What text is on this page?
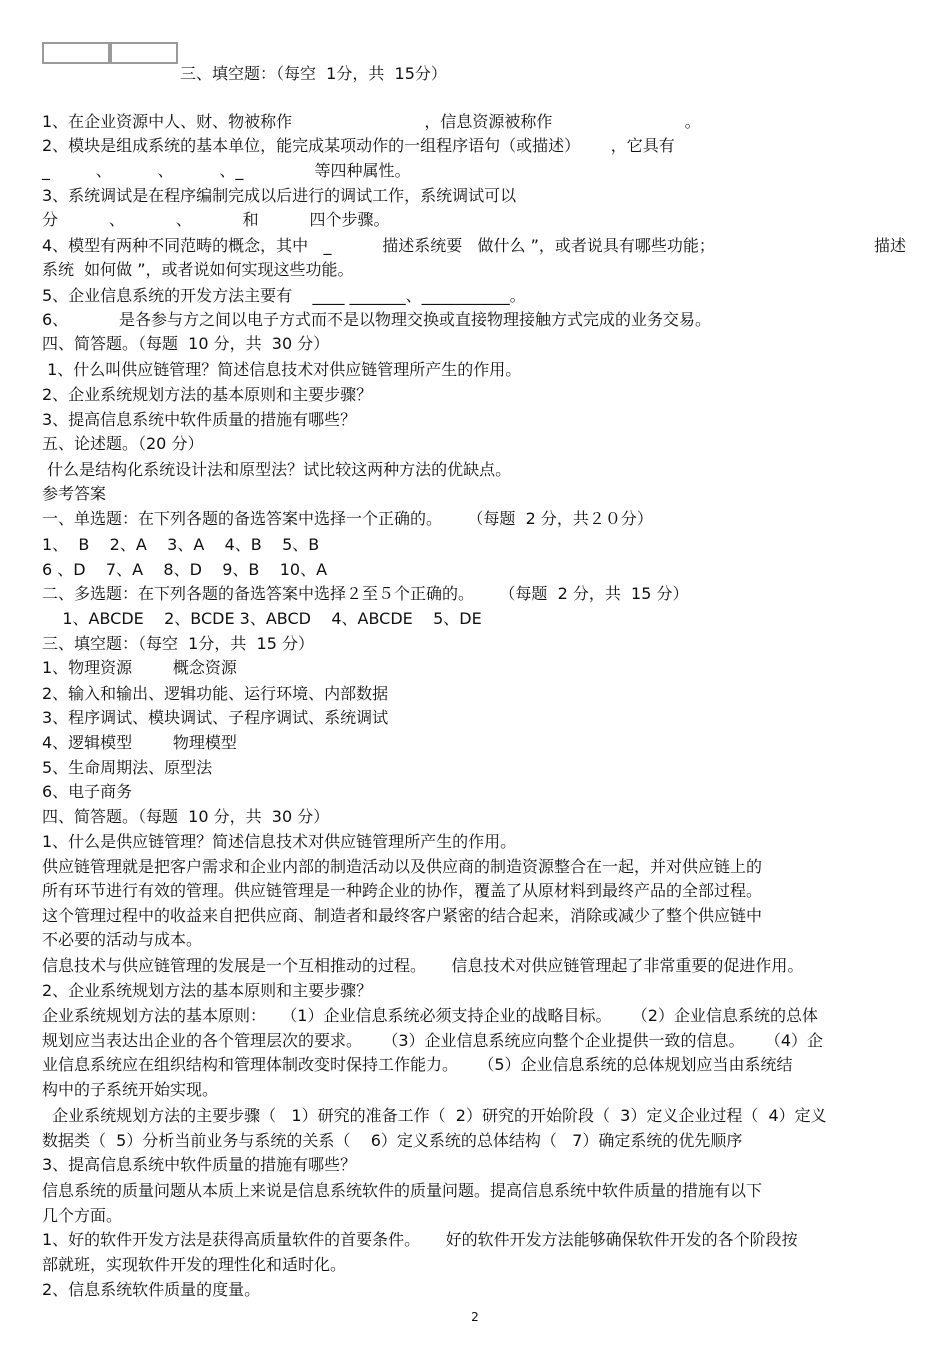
三、填空题：（每空  1分，共  15分）
1、在企业资源中人、财、物被称作                          ，信息资源被称作                          。
2、模块是组成系统的基本单位，能完成某项动作的一组程序语句（或描述）      ，它具有
_         、         、         、_              等四种属性。
3、系统调试是在程序编制完成以后进行的调试工作，系统调试可以
分          、          、          和          四个步骤。
4、模型有两种不同范畴的概念，其中   _          描述系统要   做什么 ”，或者说具有哪些功能；	描述
系统  如何做 ”，或者说如何实现这些功能。
5、企业信息系统的开发方法主要有    ____ _______、___________。
6、          是各参与方之间以电子方式而不是以物理交换或直接物理接触方式完成的业务交易。
四、简答题。（每题  10 分，共  30 分）
1、什么叫供应链管理？简述信息技术对供应链管理所产生的作用。
2、企业系统规划方法的基本原则和主要步骤？
3、提高信息系统中软件质量的措施有哪些？
五、论述题。（20 分）
什么是结构化系统设计法和原型法？试比较这两种方法的优缺点。
参考答案
一、单选题：在下列各题的备选答案中选择一个正确的。     （每题  2 分，共２０分）
1、  B    2、A    3、A    4、B    5、B
6 、D    7、A    8、D    9、B    10、A
二、多选题：在下列各题的备选答案中选择２至５个正确的。     （每题  2 分，共  15 分）
1、ABCDE    2、BCDE 3、ABCD    4、ABCDE    5、DE
三、填空题：（每空  1分，共  15 分）
1、物理资源        概念资源
2、输入和输出、逻辑功能、运行环境、内部数据
3、程序调试、模块调试、子程序调试、系统调试
4、逻辑模型        物理模型
5、生命周期法、原型法
6、电子商务
四、简答题。（每题  10 分，共  30 分）
1、什么是供应链管理？简述信息技术对供应链管理所产生的作用。
供应链管理就是把客户需求和企业内部的制造活动以及供应商的制造资源整合在一起，并对供应链上的
所有环节进行有效的管理。供应链管理是一种跨企业的协作，覆盖了从原材料到最终产品的全部过程。
这个管理过程中的收益来自把供应商、制造者和最终客户紧密的结合起来，消除或减少了整个供应链中
不必要的活动与成本。
信息技术与供应链管理的发展是一个互相推动的过程。     信息技术对供应链管理起了非常重要的促进作用。
2、企业系统规划方法的基本原则和主要步骤？
企业系统规划方法的基本原则：   （1）企业信息系统必须支持企业的战略目标。    （2）企业信息系统的总体
规划应当表达出企业的各个管理层次的要求。    （3）企业信息系统应向整个企业提供一致的信息。    （4）企
业信息系统应在组织结构和管理体制改变时保持工作能力。    （5）企业信息系统的总体规划应当由系统结
构中的子系统开始实现。
企业系统规划方法的主要步骤（   1）研究的准备工作（  2）研究的开始阶段（  3）定义企业过程（  4）定义
数据类（  5）分析当前业务与系统的关系（    6）定义系统的总体结构（   7）确定系统的优先顺序
3、提高信息系统中软件质量的措施有哪些？
信息系统的质量问题从本质上来说是信息系统软件的质量问题。提高信息系统中软件质量的措施有以下
几个方面。
1、好的软件开发方法是获得高质量软件的首要条件。     好的软件开发方法能够确保软件开发的各个阶段按
部就班，实现软件开发的理性化和适时化。
2、信息系统软件质量的度量。
2
